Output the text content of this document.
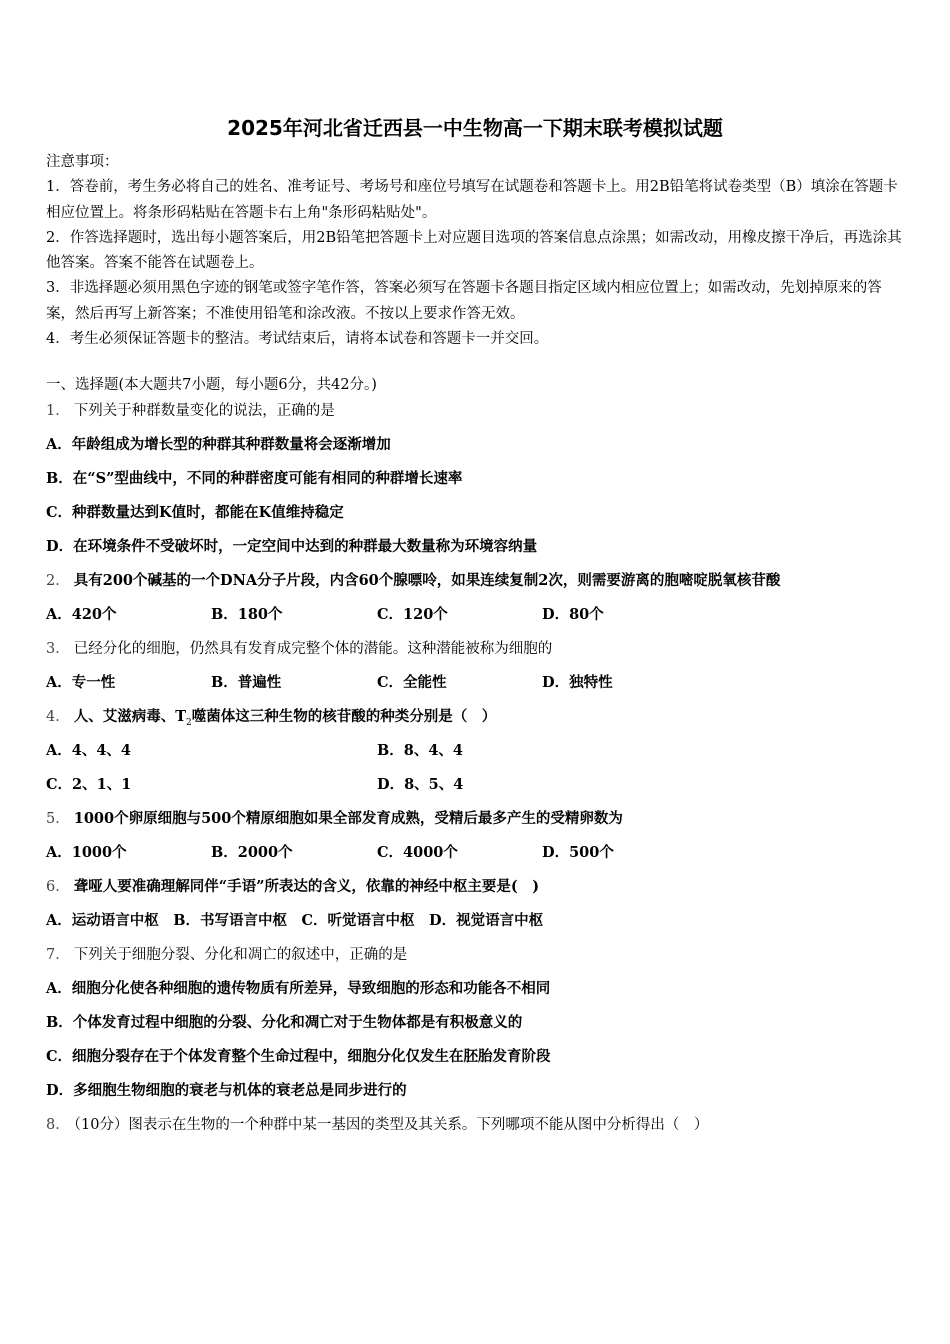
2025年河北省迁西县一中生物高一下期末联考模拟试题

注意事项：

1．答卷前，考生务必将自己的姓名、准考证号、考场号和座位号填写在试题卷和答题卡上。用2B铅笔将试卷类型（B）填涂在答题卡相应位置上。将条形码粘贴在答题卡右上角"条形码粘贴处"。

2．作答选择题时，选出每小题答案后，用2B铅笔把答题卡上对应题目选项的答案信息点涂黑；如需改动，用橡皮擦干净后，再选涂其他答案。答案不能答在试题卷上。

3．非选择题必须用黑色字迹的钢笔或签字笔作答，答案必须写在答题卡各题目指定区域内相应位置上；如需改动，先划掉原来的答案，然后再写上新答案；不准使用铅笔和涂改液。不按以上要求作答无效。

4．考生必须保证答题卡的整洁。考试结束后，请将本试卷和答题卡一并交回。

一、选择题(本大题共7小题，每小题6分，共42分。)
1． 下列关于种群数量变化的说法，正确的是
A．年龄组成为增长型的种群其种群数量将会逐渐增加
B．在“S”型曲线中，不同的种群密度可能有相同的种群增长速率
C．种群数量达到K值时，都能在K值维持稳定
D．在环境条件不受破坏时，一定空间中达到的种群最大数量称为环境容纳量
2． 具有200个碱基的一个DNA分子片段，内含60个腺嘌呤，如果连续复制2次，则需要游离的胞嘧啶脱氧核苷酸
A．420个	B．180个	C．120个	D．80个
3． 已经分化的细胞，仍然具有发育成完整个体的潜能。这种潜能被称为细胞的
A．专一性	B．普遍性	C．全能性	D．独特性
4． 人、艾滋病毒、$T_2$噬菌体这三种生物的核苷酸的种类分别是（　）
A．4、4、4	B．8、4、4
C．2、1、1	D．8、5、4
5． 1000个卵原细胞与500个精原细胞如果全部发育成熟，受精后最多产生的受精卵数为
A．1000个	B．2000个	C．4000个	D．500个
6． 聋哑人要准确理解同伴“手语”所表达的含义，依靠的神经中枢主要是(　)
A．运动语言中枢　B．书写语言中枢　C．听觉语言中枢　D．视觉语言中枢
7． 下列关于细胞分裂、分化和凋亡的叙述中，正确的是
A．细胞分化使各种细胞的遗传物质有所差异，导致细胞的形态和功能各不相同
B．个体发育过程中细胞的分裂、分化和凋亡对于生物体都是有积极意义的
C．细胞分裂存在于个体发育整个生命过程中，细胞分化仅发生在胚胎发育阶段
D．多细胞生物细胞的衰老与机体的衰老总是同步进行的
8． （10分）图表示在生物的一个种群中某一基因的类型及其关系。下列哪项不能从图中分析得出（　）
